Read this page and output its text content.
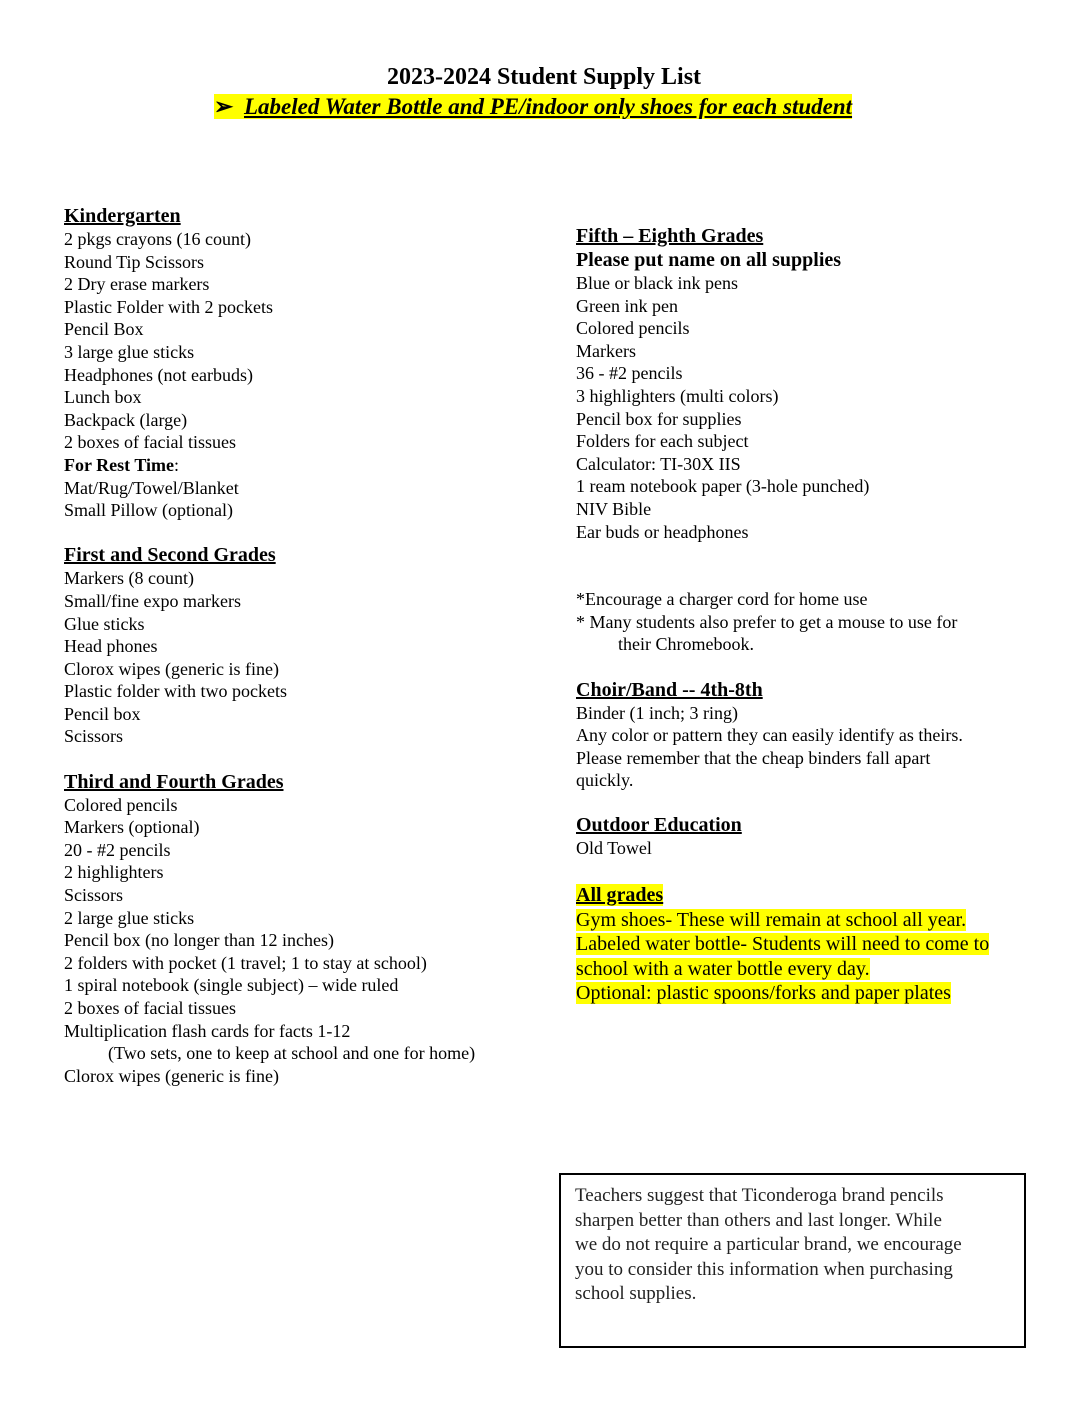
2023-2024 Student Supply List
➢ Labeled Water Bottle and PE/indoor only shoes for each student
Kindergarten
2 pkgs crayons (16 count)
Round Tip Scissors
2 Dry erase markers
Plastic Folder with 2 pockets
Pencil Box
3 large glue sticks
Headphones (not earbuds)
Lunch box
Backpack (large)
2 boxes of facial tissues
For Rest Time:
Mat/Rug/Towel/Blanket
Small Pillow (optional)
First and Second Grades
Markers (8 count)
Small/fine expo markers
Glue sticks
Head phones
Clorox wipes (generic is fine)
Plastic folder with two pockets
Pencil box
Scissors
Third and Fourth Grades
Colored pencils
Markers (optional)
20 - #2 pencils
2 highlighters
Scissors
2 large glue sticks
Pencil box (no longer than 12 inches)
2 folders with pocket (1 travel; 1 to stay at school)
1 spiral notebook (single subject) – wide ruled
2 boxes of facial tissues
Multiplication flash cards for facts 1-12
(Two sets, one to keep at school and one for home)
Clorox wipes (generic is fine)
Fifth – Eighth Grades
Please put name on all supplies
Blue or black ink pens
Green ink pen
Colored pencils
Markers
36 - #2 pencils
3 highlighters (multi colors)
Pencil box for supplies
Folders for each subject
Calculator: TI-30X IIS
1 ream notebook paper (3-hole punched)
NIV Bible
Ear buds or headphones
*Encourage a charger cord for home use
* Many students also prefer to get a mouse to use for
their Chromebook.
Choir/Band -- 4th-8th
Binder (1 inch; 3 ring)
Any color or pattern they can easily identify as theirs.
Please remember that the cheap binders fall apart
quickly.
Outdoor Education
Old Towel
All grades
Gym shoes- These will remain at school all year.
Labeled water bottle- Students will need to come to
school with a water bottle every day.
Optional: plastic spoons/forks and paper plates
Teachers suggest that Ticonderoga brand pencils
sharpen better than others and last longer. While
we do not require a particular brand, we encourage
you to consider this information when purchasing
school supplies.
